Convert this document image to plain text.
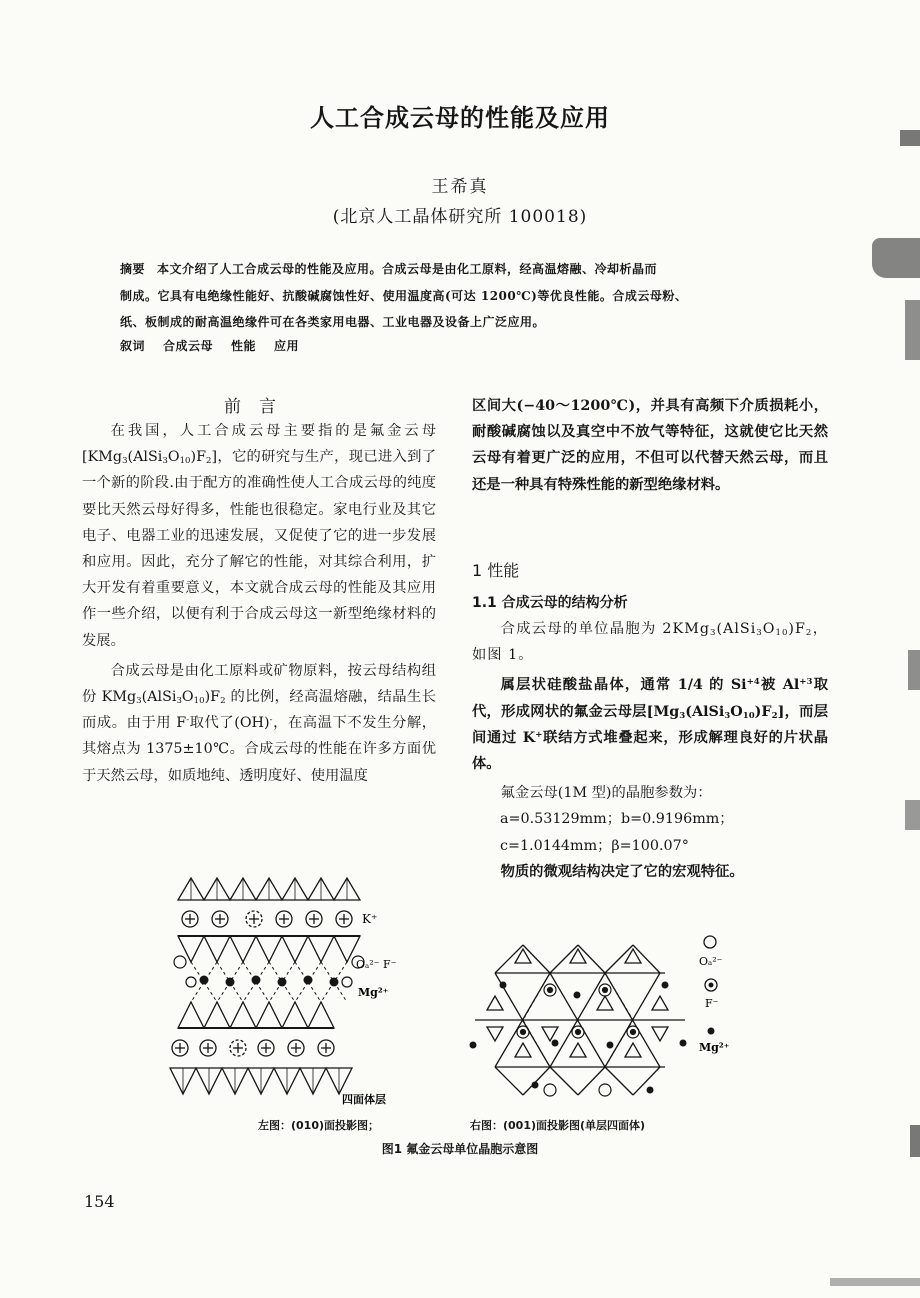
人工合成云母的性能及应用
王希真
(北京人工晶体研究所 100018)
摘要 本文介绍了人工合成云母的性能及应用。合成云母是由化工原料，经高温熔融、冷却析晶而
制成。它具有电绝缘性能好、抗酸碱腐蚀性好、使用温度高(可达 1200℃)等优良性能。合成云母粉、
纸、板制成的耐高温绝缘件可在各类家用电器、工业电器及设备上广泛应用。
叙词 合成云母 性能 应用
前言

在我国，人工合成云母主要指的是氟金云母$[KMg_3(AlSi_3O_{10})F_2]$，它的研究与生产，现已进入到了一个新的阶段.由于配方的准确性使人工合成云母的纯度要比天然云母好得多，性能也很稳定。家电行业及其它电子、电器工业的迅速发展，又促使了它的进一步发展和应用。因此，充分了解它的性能，对其综合利用，扩大开发有着重要意义，本文就合成云母的性能及其应用作一些介绍，以便有利于合成云母这一新型绝缘材料的发展。

合成云母是由化工原料或矿物原料，按云母结构组份 $KMg_3(AlSi_3O_{10})F_2$ 的比例，经高温熔融，结晶生长而成。由于用 F-取代了(OH)-，在高温下不发生分解，其熔点为 1375±10℃。合成云母的性能在许多方面优于天然云母，如质地纯、透明度好、使用温度

区间大(−40～1200℃)，并具有高频下介质损耗小，耐酸碱腐蚀以及真空中不放气等特征，这就使它比天然云母有着更广泛的应用，不但可以代替天然云母，而且还是一种具有特殊性能的新型绝缘材料。

1 性能
1.1 合成云母的结构分析

合成云母的单位晶胞为 $2KMg_3(AlSi_3O_{10})F_2$，如图 1。

属层状硅酸盐晶体，通常 1/4 的 $Si^{+4}$被 $Al^{+3}$取代，形成网状的氟金云母层$[Mg_3(AlSi_3O_{10})F_2]$，而层间通过 K+联结方式堆叠起来，形成解理良好的片状晶体。

氟金云母(1M 型)的晶胞参数为：

a=0.53129mm；b=0.9196mm；

c=1.0144mm；β=100.07°

物质的微观结构决定了它的宏观特征。

K⁺
Oₐ²⁻ F⁻
Mg²⁺
四面体层
Oₐ²⁻
F⁻
Mg²⁺
左图：(010)面投影图；	右图：(001)面投影图(单层四面体)
图1 氟金云母单位晶胞示意图
154
